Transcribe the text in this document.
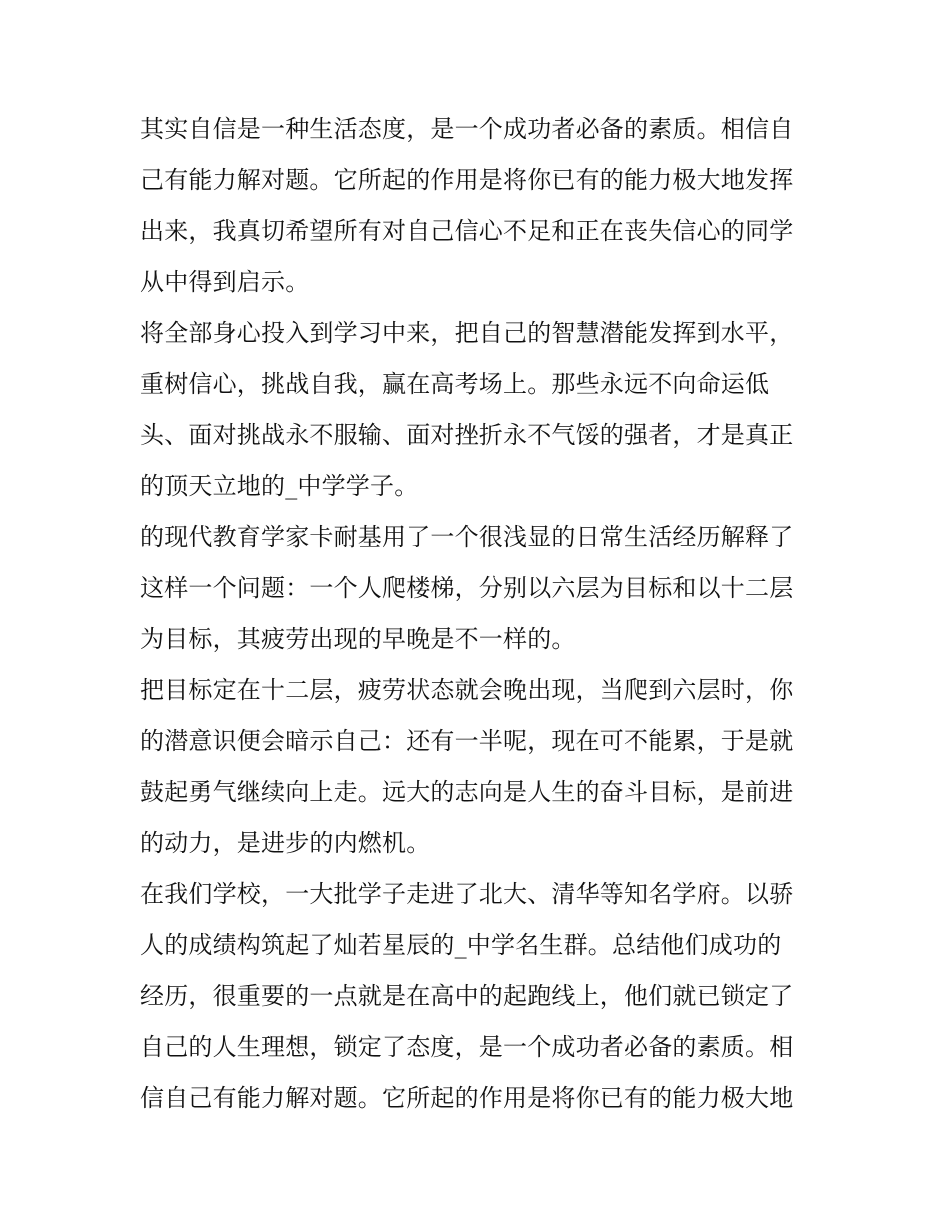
其实自信是一种生活态度，是一个成功者必备的素质。相信自
己有能力解对题。它所起的作用是将你已有的能力极大地发挥
出来，我真切希望所有对自己信心不足和正在丧失信心的同学
从中得到启示。
将全部身心投入到学习中来，把自己的智慧潜能发挥到水平，
重树信心，挑战自我，赢在高考场上。那些永远不向命运低
头、面对挑战永不服输、面对挫折永不气馁的强者，才是真正
的顶天立地的_中学学子。
的现代教育学家卡耐基用了一个很浅显的日常生活经历解释了
这样一个问题：一个人爬楼梯，分别以六层为目标和以十二层
为目标，其疲劳出现的早晚是不一样的。
把目标定在十二层，疲劳状态就会晚出现，当爬到六层时，你
的潜意识便会暗示自己：还有一半呢，现在可不能累，于是就
鼓起勇气继续向上走。远大的志向是人生的奋斗目标，是前进
的动力，是进步的内燃机。
在我们学校，一大批学子走进了北大、清华等知名学府。以骄
人的成绩构筑起了灿若星辰的_中学名生群。总结他们成功的
经历，很重要的一点就是在高中的起跑线上，他们就已锁定了
自己的人生理想，锁定了态度，是一个成功者必备的素质。相
信自己有能力解对题。它所起的作用是将你已有的能力极大地
